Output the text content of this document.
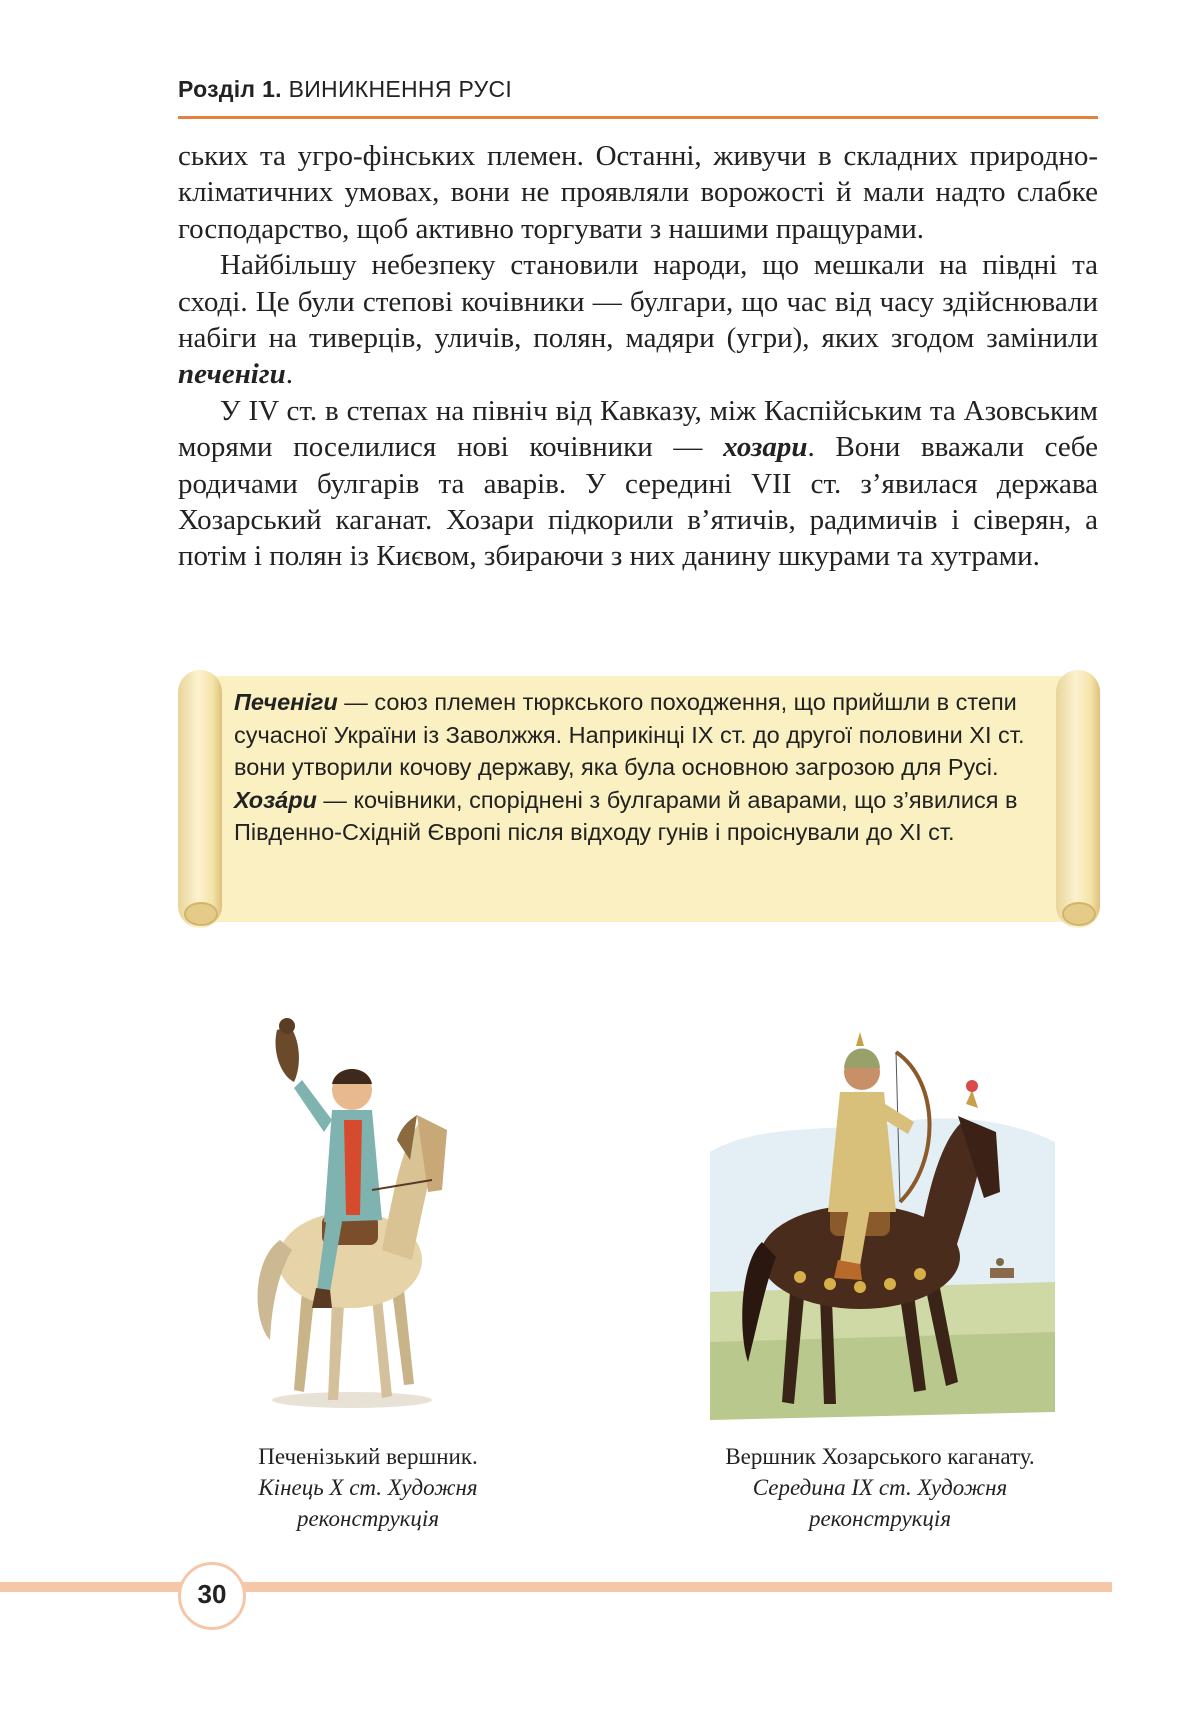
Розділ 1. ВИНИКНЕННЯ РУСІ

ських та угро-фінських племен. Останні, живучи в складних природно-кліматичних умовах, вони не проявляли ворожості й мали надто слабке господарство, щоб активно торгувати з нашими пращурами.

Найбільшу небезпеку становили народи, що мешкали на півдні та сході. Це були степові кочівники — булгари, що час від часу здійснювали набіги на тиверців, уличів, полян, мадяри (угри), яких згодом замінили печеніги.

У IV ст. в степах на північ від Кавказу, між Каспійським та Азовським морями поселилися нові кочівники — хозари. Вони вважали себе родичами булгарів та аварів. У середині VII ст. з’явилася держава Хозарський каганат. Хозари підкорили в’ятичів, радимичів і сіверян, а потім і полян із Києвом, збираючи з них данину шкурами та хутрами.

Печеніги — союз племен тюркського походження, що прийшли в степи сучасної України із Заволжжя. Наприкінці IX ст. до другої половини XI ст. вони утворили кочову державу, яка була основною загрозою для Русі.

Хозáри — кочівники, споріднені з булгарами й аварами, що з’явилися в Південно-Східній Європі після відходу гунів і проіснували до XI ст.

Печенізький вершник.
Кінець X ст. Художня реконструкція
Вершник Хозарського каганату.
Середина IX ст. Художня реконструкція
30
